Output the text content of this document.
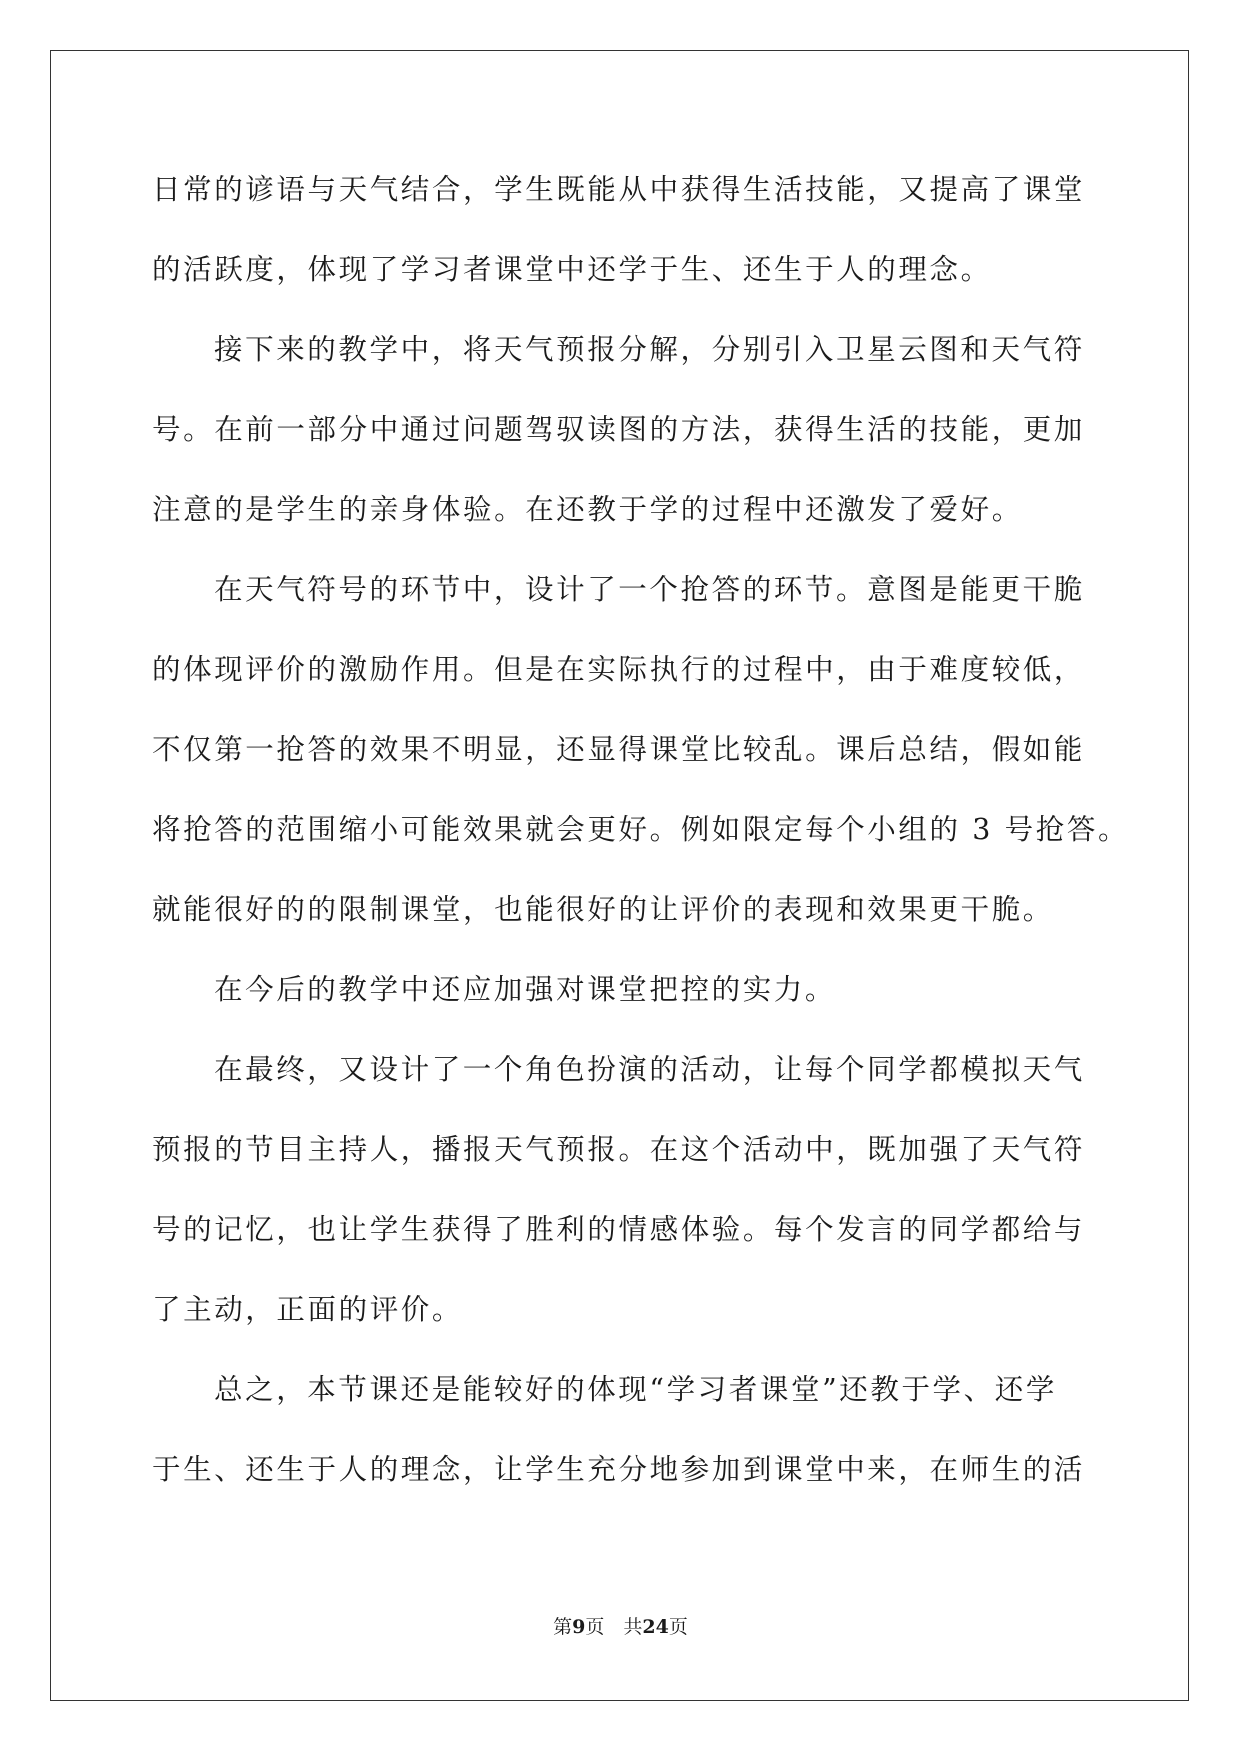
日常的谚语与天气结合，学生既能从中获得生活技能，又提高了课堂
的活跃度，体现了学习者课堂中还学于生、还生于人的理念。
接下来的教学中，将天气预报分解，分别引入卫星云图和天气符
号。在前一部分中通过问题驾驭读图的方法，获得生活的技能，更加
注意的是学生的亲身体验。在还教于学的过程中还激发了爱好。
在天气符号的环节中，设计了一个抢答的环节。意图是能更干脆
的体现评价的激励作用。但是在实际执行的过程中，由于难度较低，
不仅第一抢答的效果不明显，还显得课堂比较乱。课后总结，假如能
将抢答的范围缩小可能效果就会更好。例如限定每个小组的 3 号抢答。
就能很好的的限制课堂，也能很好的让评价的表现和效果更干脆。
在今后的教学中还应加强对课堂把控的实力。
在最终，又设计了一个角色扮演的活动，让每个同学都模拟天气
预报的节目主持人，播报天气预报。在这个活动中，既加强了天气符
号的记忆，也让学生获得了胜利的情感体验。每个发言的同学都给与
了主动，正面的评价。
总之，本节课还是能较好的体现“学习者课堂”还教于学、还学
于生、还生于人的理念，让学生充分地参加到课堂中来，在师生的活
第9页　共24页
